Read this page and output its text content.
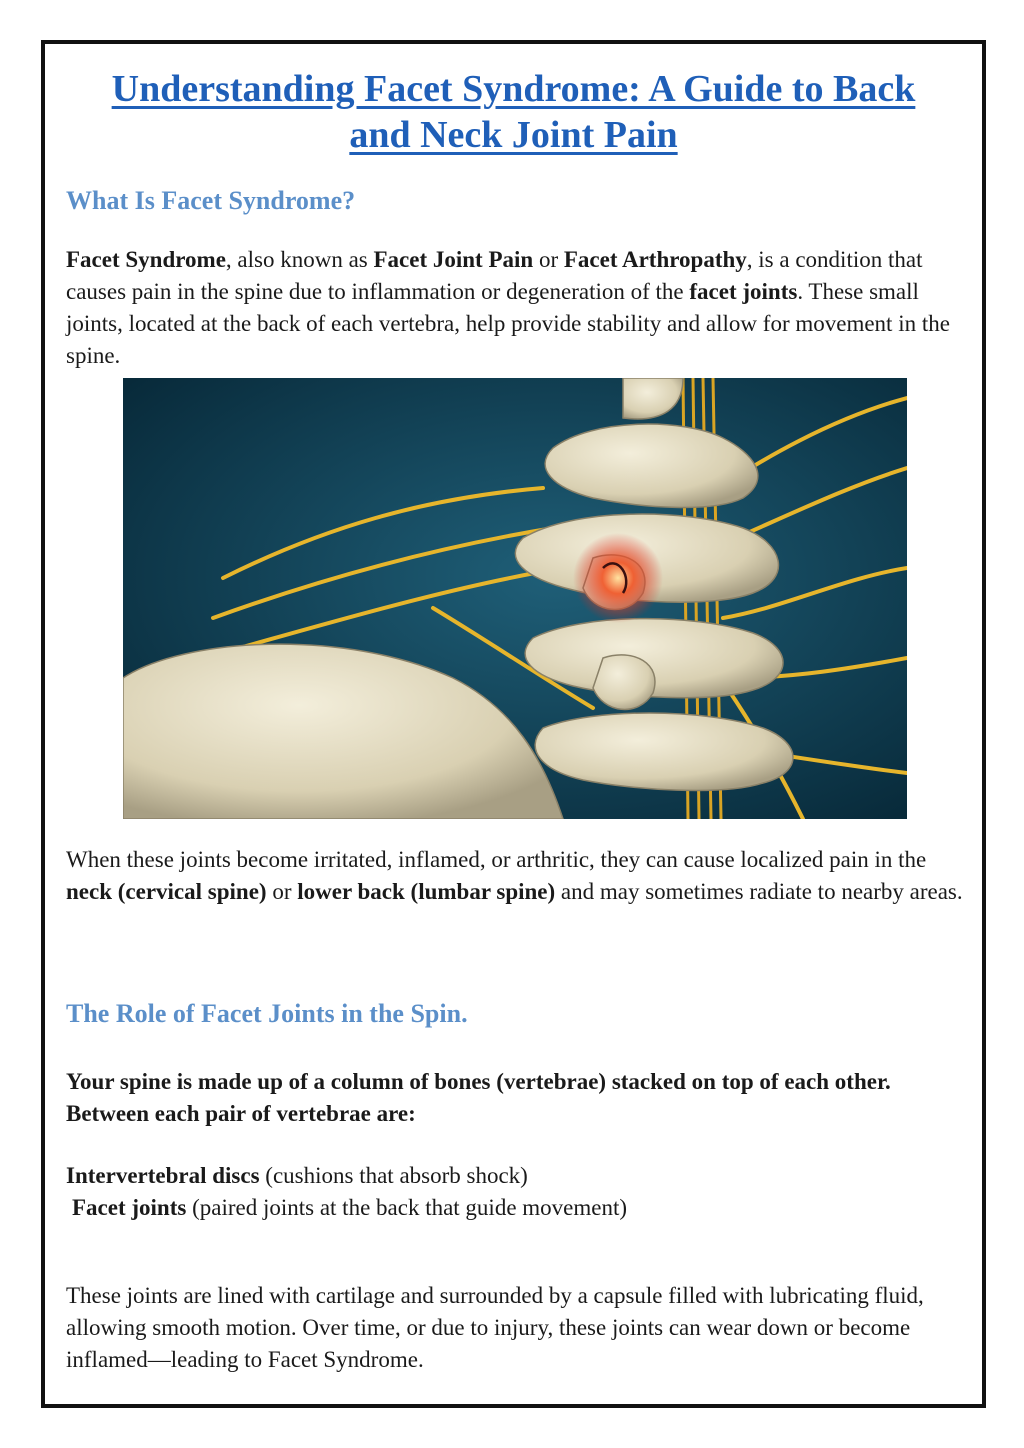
Understanding Facet Syndrome: A Guide to Back
and Neck Joint Pain
What Is Facet Syndrome?

Facet Syndrome, also known as Facet Joint Pain or Facet Arthropathy, is a condition that causes pain in the spine due to inflammation or degeneration of the facet joints. These small joints, located at the back of each vertebra, help provide stability and allow for movement in the spine.

When these joints become irritated, inflamed, or arthritic, they can cause localized pain in the neck (cervical spine) or lower back (lumbar spine) and may sometimes radiate to nearby areas.

The Role of Facet Joints in the Spin.

Your spine is made up of a column of bones (vertebrae) stacked on top of each other. Between each pair of vertebrae are:

Intervertebral discs (cushions that absorb shock)

Facet joints (paired joints at the back that guide movement)

These joints are lined with cartilage and surrounded by a capsule filled with lubricating fluid, allowing smooth motion. Over time, or due to injury, these joints can wear down or become inflamed—leading to Facet Syndrome.
